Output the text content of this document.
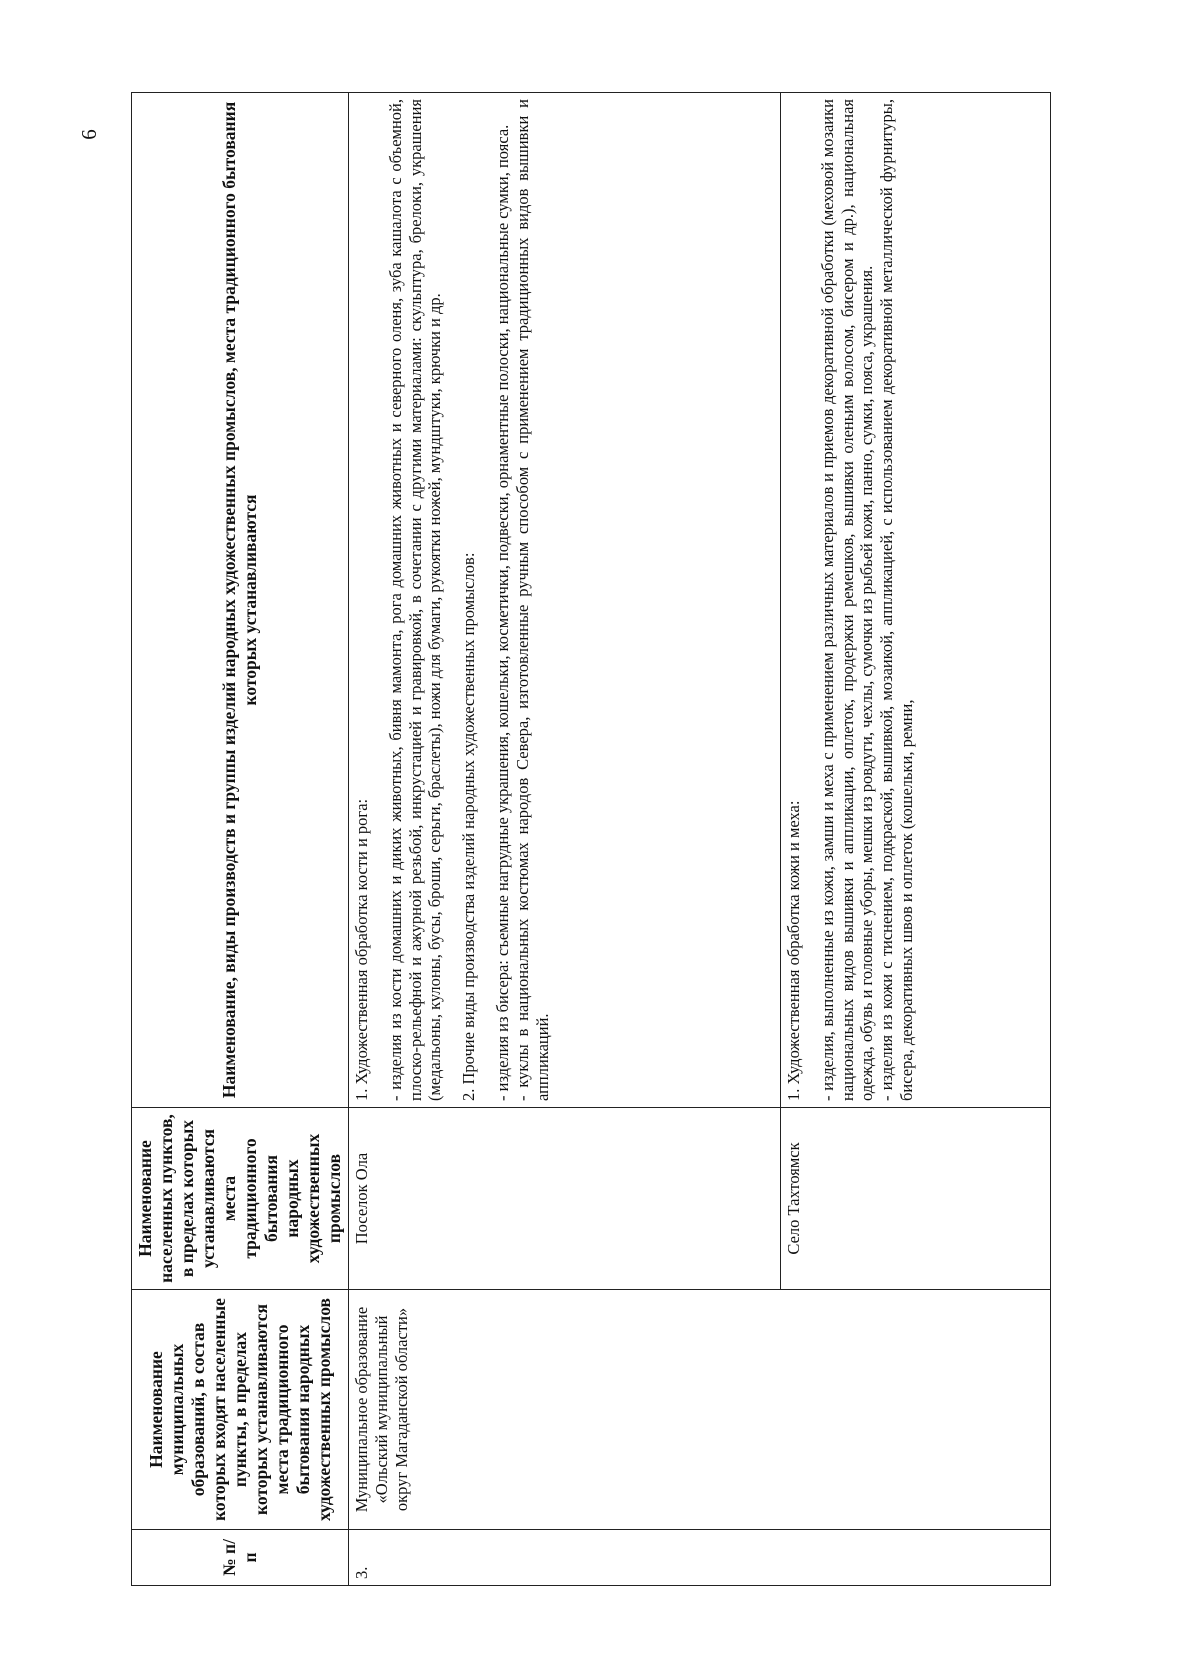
6
№ п/п	Наименование муниципальных образований, в состав которых входят населенные пункты, в пределах которых устанавливаются места традиционного бытования народных художественных промыслов	Наименование населенных пунктов, в пределах которых устанавливаются места традиционного бытования народных художественных промыслов	Наименование, виды производств и группы изделий народных художественных промыслов, места традиционного бытования которых устанавливаются
3.	Муниципальное образование «Ольский муниципальный округ Магаданской области»	Поселок Ола	1. Художественная обработка кости и рога: - изделия из кости домашних и диких животных, бивня мамонта, рога домашних животных и северного оленя, зуба кашалота с объемной, плоско-рельефной и ажурной резьбой, инкрустацией и гравировкой, в сочетании с другими материалами: скульптура, брелоки, украшения (медальоны, кулоны, бусы, броши, серьги, браслеты), ножи для бумаги, рукоятки ножей, мундштуки, крючки и др. 2. Прочие виды производства изделий народных художественных промыслов: - изделия из бисера: съемные нагрудные украшения, кошельки, косметички, подвески, орнаментные полоски, национальные сумки, пояса. - куклы в национальных костюмах народов Севера, изготовленные ручным способом с применением традиционных видов вышивки и аппликаций.

		Село Тахтоямск	1. Художественная обработка кожи и меха: - изделия, выполненные из кожи, замши и меха с применением различных материалов и приемов декоративной обработки (меховой мозаики национальных видов вышивки и аппликации, оплеток, продержки ремешков, вышивки оленьим волосом, бисером и др.), национальная одежда, обувь и головные уборы, мешки из ровдуги, чехлы, сумочки из рыбьей кожи, панно, сумки, пояса, украшения. - изделия из кожи с тиснением, подкраской, вышивкой, мозаикой, аппликацией, с использованием декоративной металлической фурнитуры, бисера, декоративных швов и оплеток (кошельки, ремни,
